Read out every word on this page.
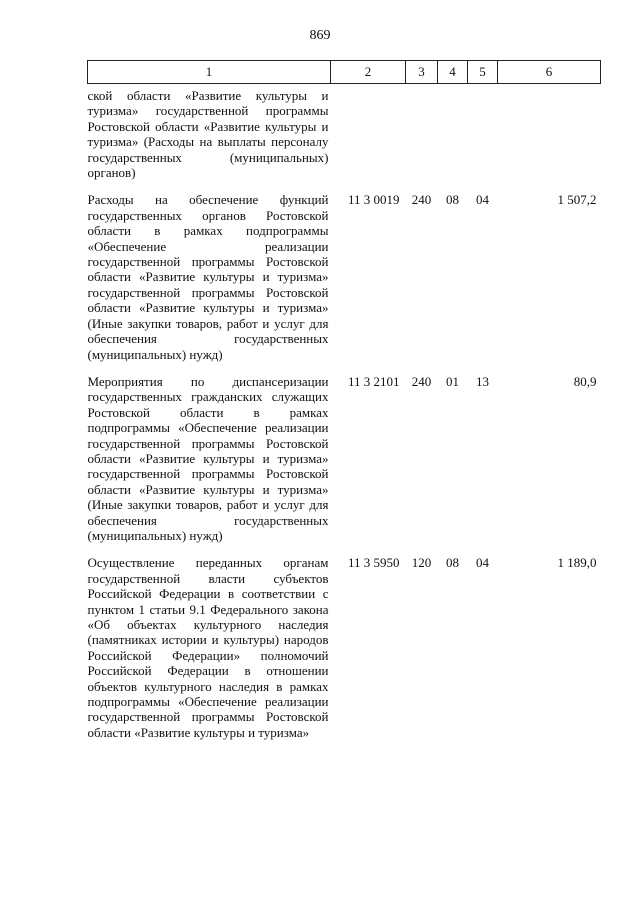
869
1	2	3	4	5	6
ской области «Развитие культуры и туризма» государственной программы Ростовской области «Развитие культуры и туризма» (Расходы на выплаты персоналу государственных (муниципальных) органов)					
Расходы на обеспечение функций государственных органов Ростовской области в рамках подпрограммы «Обеспечение реализации государственной программы Ростовской области «Развитие культуры и туризма» государственной программы Ростовской области «Развитие культуры и туризма» (Иные закупки товаров, работ и услуг для обеспечения государственных (муниципальных) нужд)	11 3 0019	240	08	04	1 507,2
Мероприятия по диспансеризации государственных гражданских служащих Ростовской области в рамках подпрограммы «Обеспечение реализации государственной программы Ростовской области «Развитие культуры и туризма» государственной программы Ростовской области «Развитие культуры и туризма» (Иные закупки товаров, работ и услуг для обеспечения государственных (муниципальных) нужд)	11 3 2101	240	01	13	80,9
Осуществление переданных органам государственной власти субъектов Российской Федерации в соответствии с пунктом 1 статьи 9.1 Федерального закона «Об объектах культурного наследия (памятниках истории и культуры) народов Российской Федерации» полномочий Российской Федерации в отношении объектов культурного наследия в рамках подпрограммы «Обеспечение реализации государственной программы Ростовской области «Развитие культуры и туризма»	11 3 5950	120	08	04	1 189,0
